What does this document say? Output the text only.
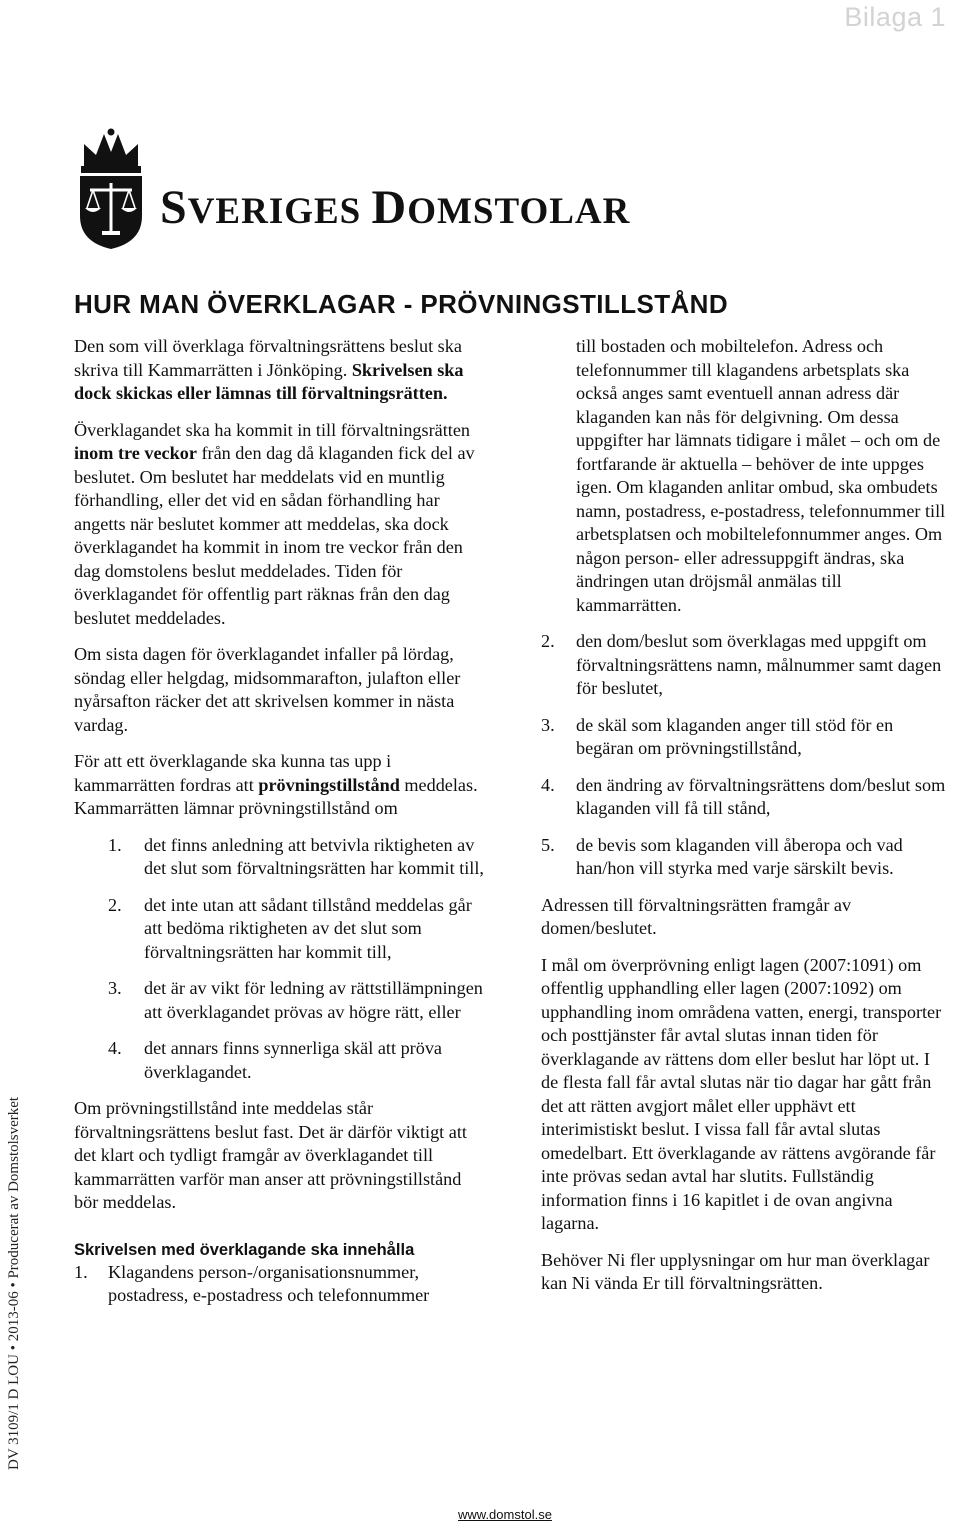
Bilaga 1
SVERIGES DOMSTOLAR
HUR MAN ÖVERKLAGAR - PRÖVNINGSTILLSTÅND

Den som vill överklaga förvaltningsrättens beslut ska skriva till Kammarrätten i Jönköping. Skrivelsen ska dock skickas eller lämnas till förvaltningsrätten.

Överklagandet ska ha kommit in till förvaltningsrätten inom tre veckor från den dag då klaganden fick del av beslutet. Om beslutet har meddelats vid en muntlig förhandling, eller det vid en sådan förhandling har angetts när beslutet kommer att meddelas, ska dock överklagandet ha kommit in inom tre veckor från den dag domstolens beslut meddelades. Tiden för överklagandet för offentlig part räknas från den dag beslutet meddelades.

Om sista dagen för överklagandet infaller på lördag, söndag eller helgdag, midsommarafton, julafton eller nyårsafton räcker det att skrivelsen kommer in nästa vardag.

För att ett överklagande ska kunna tas upp i kammarrätten fordras att prövningstillstånd meddelas. Kammarrätten lämnar prövningstillstånd om

1. det finns anledning att betvivla riktigheten av det slut som förvaltningsrätten har kommit till,
2. det inte utan att sådant tillstånd meddelas går att bedöma riktigheten av det slut som förvaltningsrätten har kommit till,
3. det är av vikt för ledning av rättstillämpningen att överklagandet prövas av högre rätt, eller
4. det annars finns synnerliga skäl att pröva överklagandet.

Om prövningstillstånd inte meddelas står förvaltningsrättens beslut fast. Det är därför viktigt att det klart och tydligt framgår av överklagandet till kammarrätten varför man anser att prövningstillstånd bör meddelas.

Skrivelsen med överklagande ska innehålla
1. Klagandens person-/organisationsnummer, postadress, e-postadress och telefonnummer

till bostaden och mobiltelefon. Adress och telefonnummer till klagandens arbetsplats ska också anges samt eventuell annan adress där klaganden kan nås för delgivning. Om dessa uppgifter har lämnats tidigare i målet – och om de fortfarande är aktuella – behöver de inte uppges igen. Om klaganden anlitar ombud, ska ombudets namn, postadress, e-postadress, telefonnummer till arbetsplatsen och mobiltelefonnummer anges. Om någon person- eller adressuppgift ändras, ska ändringen utan dröjsmål anmälas till kammarrätten.

2. den dom/beslut som överklagas med uppgift om förvaltningsrättens namn, målnummer samt dagen för beslutet,
3. de skäl som klaganden anger till stöd för en begäran om prövningstillstånd,
4. den ändring av förvaltningsrättens dom/beslut som klaganden vill få till stånd,
5. de bevis som klaganden vill åberopa och vad han/hon vill styrka med varje särskilt bevis.

Adressen till förvaltningsrätten framgår av domen/beslutet.

I mål om överprövning enligt lagen (2007:1091) om offentlig upphandling eller lagen (2007:1092) om upphandling inom områdena vatten, energi, transporter och posttjänster får avtal slutas innan tiden för överklagande av rättens dom eller beslut har löpt ut. I de flesta fall får avtal slutas när tio dagar har gått från det att rätten avgjort målet eller upphävt ett interimistiskt beslut. I vissa fall får avtal slutas omedelbart. Ett överklagande av rättens avgörande får inte prövas sedan avtal har slutits. Fullständig information finns i 16 kapitlet i de ovan angivna lagarna.

Behöver Ni fler upplysningar om hur man överklagar kan Ni vända Er till förvaltningsrätten.

DV 3109/1 D LOU • 2013-06 • Producerat av Domstolsverket
www.domstol.se
